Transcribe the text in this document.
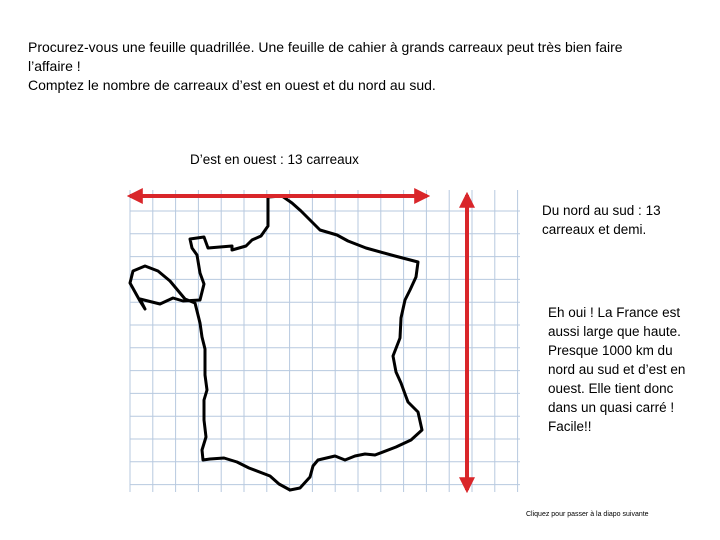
Procurez-vous une feuille quadrillée. Une feuille de cahier à grands carreaux peut très bien faire
l’affaire !
Comptez le nombre de carreaux d’est en ouest et du nord au sud.
D’est en ouest : 13 carreaux
Du nord au sud : 13 carreaux et demi.
Eh oui ! La France est aussi large que haute. Presque 1000 km du nord au sud et d’est en ouest. Elle tient donc dans un quasi carré ! Facile!!
Cliquez pour passer à la diapo suivante
